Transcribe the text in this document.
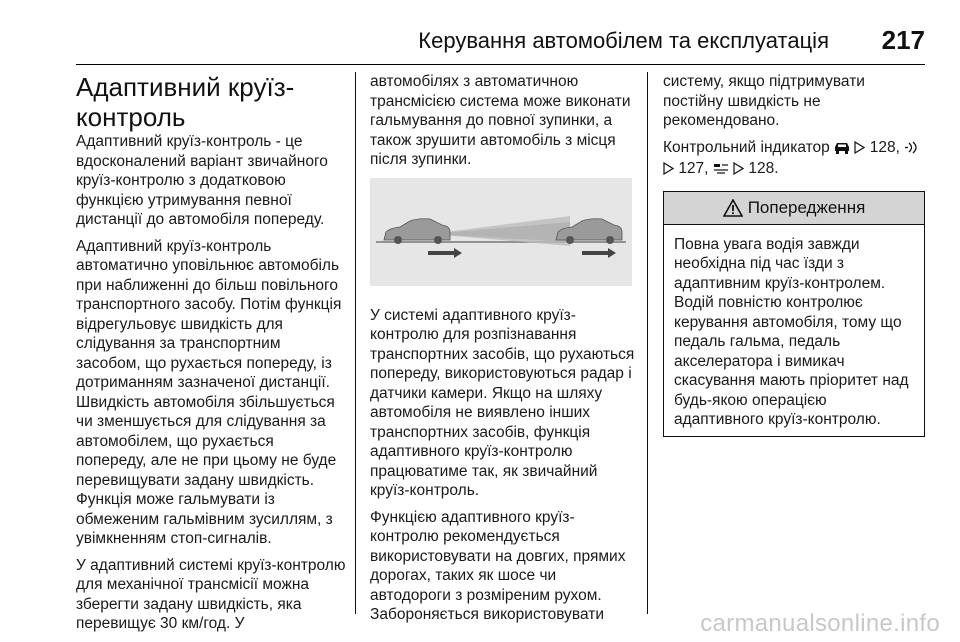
Керування автомобілем та експлуатація 217
Адаптивний круїз-контроль

Адаптивний круїз-контроль - це вдосконалений варіант звичайного круїз-контролю з додатковою функцією утримування певної дистанції до автомобіля попереду.

Адаптивний круїз-контроль автоматично уповільнює автомобіль при наближенні до більш повільного транспортного засобу. Потім функція відрегульовує швидкість для слідування за транспортним засобом, що рухається попереду, із дотриманням зазначеної дистанції. Швидкість автомобіля збільшується чи зменшується для слідування за автомобілем, що рухається попереду, але не при цьому не буде перевищувати задану швидкість. Функція може гальмувати із обмеженим гальмівним зусиллям, з увімкненням стоп-сигналів.

У адаптивний системі круїз-контролю для механічної трансмісії можна зберегти задану швидкість, яка перевищує 30 км/год. У

автомобілях з автоматичною трансмісією система може виконати гальмування до повної зупинки, а також зрушити автомобіль з місця після зупинки.

У системі адаптивного круїз-контролю для розпізнавання транспортних засобів, що рухаються попереду, використовуються радар і датчики камери. Якщо на шляху автомобіля не виявлено інших транспортних засобів, функція адаптивного круїз-контролю працюватиме так, як звичайний круїз-контроль.

Функцією адаптивного круїз-контролю рекомендується використовувати на довгих, прямих дорогах, таких як шосе чи автодороги з розміреним рухом. Забороняється використовувати

систему, якщо підтримувати постійну швидкість не рекомендовано.

Контрольний індикатор	128,
127,	128.

Попередження

Повна увага водія завжди необхідна під час їзди з адаптивним круїз-контролем. Водій повністю контролює керування автомобіля, тому що педаль гальма, педаль акселератора і вимикач скасування мають пріоритет над будь-якою операцією адаптивного круїз-контролю.

carmanualsonline.info
